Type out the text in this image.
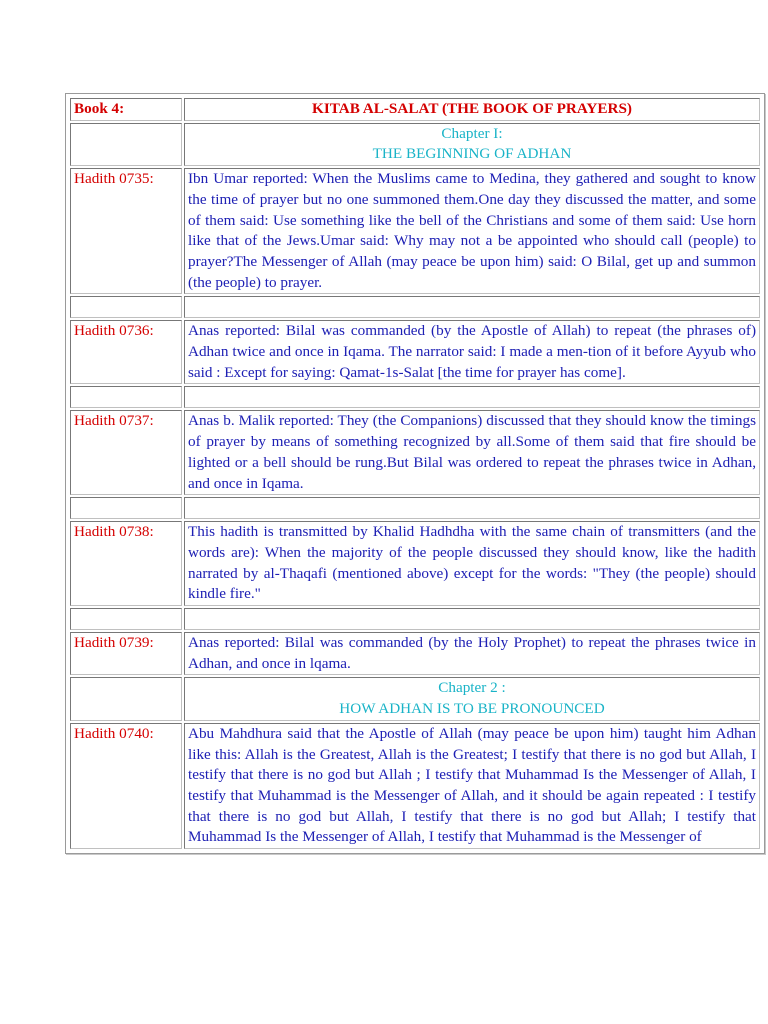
Book 4:	KITAB AL-SALAT (THE BOOK OF PRAYERS)

	Chapter I:
THE BEGINNING OF ADHAN

Hadith 0735:	Ibn Umar reported: When the Muslims came to Medina, they gathered and sought to know the time of prayer but no one summoned them.One day they discussed the matter, and some of them said: Use something like the bell of the Christians and some of them said: Use horn like that of the Jews.Umar said: Why may not a be appointed who should call (people) to prayer?The Messenger of Allah (may peace be upon him) said: O Bilal, get up and summon (the people) to prayer.

Hadith 0736:	Anas reported: Bilal was commanded (by the Apostle of Allah) to repeat (the phrases of) Adhan twice and once in Iqama. The narrator said: I made a men-tion of it before Ayyub who said : Except for saying: Qamat-1s-Salat [the time for prayer has come].

Hadith 0737:	Anas b. Malik reported: They (the Companions) discussed that they should know the timings of prayer by means of something recognized by all.Some of them said that fire should be lighted or a bell should be rung.But Bilal was ordered to repeat the phrases twice in Adhan, and once in Iqama.

Hadith 0738:	This hadith is transmitted by Khalid Hadhdha with the same chain of transmitters (and the words are): When the majority of the people discussed they should know, like the hadith narrated by al-Thaqafi (mentioned above) except for the words: "They (the people) should kindle fire."

Hadith 0739:	Anas reported: Bilal was commanded (by the Holy Prophet) to repeat the phrases twice in Adhan, and once in lqama.

	Chapter 2 :
HOW ADHAN IS TO BE PRONOUNCED

Hadith 0740:	Abu Mahdhura said that the Apostle of Allah (may peace be upon him) taught him Adhan like this: Allah is the Greatest, Allah is the Greatest; I testify that there is no god but Allah, I testify that there is no god but Allah ; I testify that Muhammad Is the Messenger of Allah, I testify that Muhammad is the Messenger of Allah, and it should be again repeated : I testify that there is no god but Allah, I testify that there is no god but Allah; I testify that Muhammad Is the Messenger of Allah, I testify that Muhammad is the Messenger of
